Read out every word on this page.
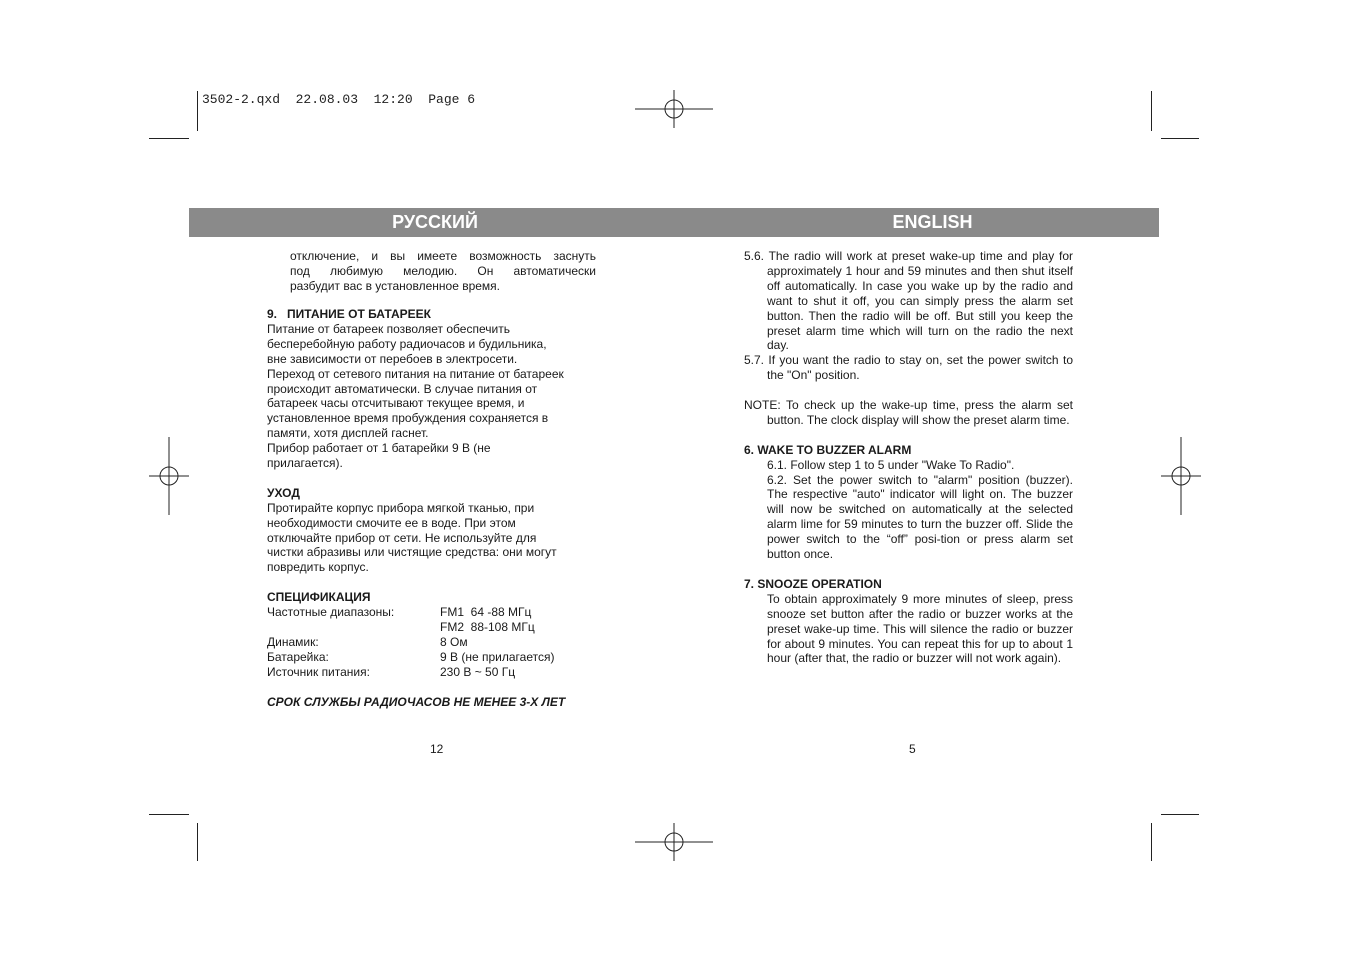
3502-2.qxd  22.08.03  12:20  Page 6
РУССКИЙ	ENGLISH

отключение, и вы имеете возможность заснуть

под любимую мелодию. Он автоматически

разбудит вас в установленное время.

9.   ПИТАНИЕ ОТ БАТАРЕЕК

Питание от батареек позволяет обеспечить

бесперебойную работу радиочасов и будильника,

вне зависимости от перебоев в электросети.

Переход от сетевого питания на питание от батареек

происходит автоматически. В случае питания от

батареек часы отсчитывают текущее время, и

установленное время пробуждения сохраняется в

памяти, хотя дисплей гаснет.

Прибор работает от 1 батарейки 9 В (не

прилагается).

УХОД

Протирайте корпус прибора мягкой тканью, при

необходимости смочите ее в воде. При этом

отключайте прибор от сети. Не используйте для

чистки абразивы или чистящие средства: они могут

повредить корпус.

СПЕЦИФИКАЦИЯ

Частотные диапазоны:	FM1  64 -88 МГц
FM2  88-108 МГц
Динамик:	8 Ом
Батарейка:	9 В (не прилагается)
Источник питания:	230 В ~ 50 Гц

СРОК СЛУЖБЫ РАДИОЧАСОВ НЕ МЕНЕЕ 3-Х ЛЕТ

12

5.6. The radio will work at preset wake-up time and play for approximately 1 hour and 59 minutes and then shut itself off automatically. In case you wake up by the radio and want to shut it off, you can simply press the alarm set button. Then the radio will be off. But still you keep the preset alarm time which will turn on the radio the next day.

5.7. If you want the radio to stay on, set the power switch to the "On" position.

NOTE: To check up the wake-up time, press the alarm set button. The clock display will show the preset alarm time.

6. WAKE TO BUZZER ALARM

6.1. Follow step 1 to 5 under "Wake To Radio".

6.2. Set the power switch to "alarm" position (buzzer). The respective "auto" indicator will light on. The buzzer will now be switched on automatically at the selected alarm lime for 59 minutes to turn the buzzer off. Slide the power switch to the “off” posi-tion or press alarm set button once.

7. SNOOZE OPERATION

To obtain approximately 9 more minutes of sleep, press snooze set button after the radio or buzzer works at the preset wake-up time. This will silence the radio or buzzer for about 9 minutes. You can repeat this for up to about 1 hour (after that, the radio or buzzer will not work again).

5
